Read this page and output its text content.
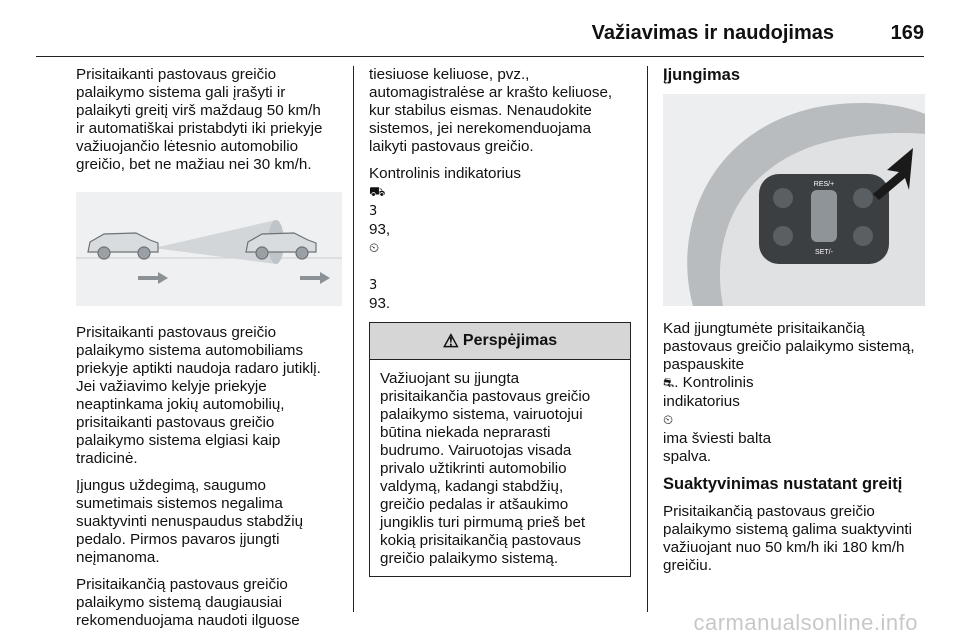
Važiavimas ir naudojimas	169

Prisitaikanti pastovaus greičio
palaikymo sistema gali įrašyti ir
palaikyti greitį virš maždaug 50 km/h
ir automatiškai pristabdyti iki priekyje
važiuojančio lėtesnio automobilio
greičio, bet ne mažiau nei 30 km/h.

Prisitaikanti pastovaus greičio
palaikymo sistema automobiliams
priekyje aptikti naudoja radaro jutiklį.
Jei važiavimo kelyje priekyje
neaptinkama jokių automobilių,
prisitaikanti pastovaus greičio
palaikymo sistema elgiasi kaip
tradicinė.

Įjungus uždegimą, saugumo
sumetimais sistemos negalima
suaktyvinti nenuspaudus stabdžių
pedalo. Pirmos pavaros įjungti
neįmanoma.

Prisitaikančią pastovaus greičio
palaikymo sistemą daugiausiai
rekomenduojama naudoti ilguose

tiesiuose keliuose, pvz.,
automagistralėse ar krašto keliuose,
kur stabilus eismas. Nenaudokite
sistemos, jei nerekomenduojama
laikyti pastovaus greičio.

Kontrolinis indikatorius
⛟
3
93,
⏲

3
93.

⚠ Perspėjimas
Važiuojant su įjungta
prisitaikančia pastovaus greičio
palaikymo sistema, vairuotojui
būtina niekada neprarasti
budrumo. Vairuotojas visada
privalo užtikrinti automobilio
valdymą, kadangi stabdžių,
greičio pedalas ir atšaukimo
jungiklis turi pirmumą prieš bet
kokią prisitaikančią pastovaus
greičio palaikymo sistemą.
Įjungimas
RES/+
SET/-

Kad įjungtumėte prisitaikančią
pastovaus greičio palaikymo sistemą,
paspauskite
⛐. Kontrolinis
indikatorius
⏲
ima šviesti balta
spalva.

Suaktyvinimas nustatant greitį

Prisitaikančią pastovaus greičio
palaikymo sistemą galima suaktyvinti
važiuojant nuo 50 km/h iki 180 km/h
greičiu.

carmanualsonline.info
